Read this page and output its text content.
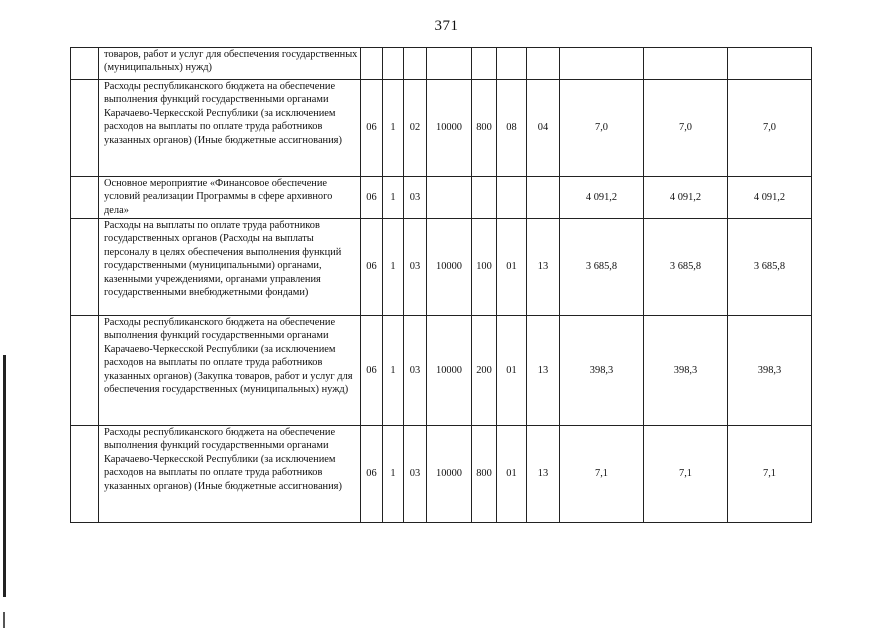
371
	товаров, работ и услуг для обеспечения государственных (муниципальных) нужд)										
	Расходы республиканского бюджета на обеспечение выполнения функций государственными органами Карачаево-Черкесской Республики (за исключением расходов на выплаты по оплате труда работников указанных органов) (Иные бюджетные ассигнования)	06	1	02	10000	800	08	04	7,0	7,0	7,0
	Основное мероприятие «Финансовое обеспечение условий реализации Программы в сфере архивного дела»	06	1	03					4 091,2	4 091,2	4 091,2
	Расходы на выплаты по оплате труда работников государственных органов (Расходы на выплаты персоналу в целях обеспечения выполнения функций государственными (муниципальными) органами, казенными учреждениями, органами управления государственными внебюджетными фондами)	06	1	03	10000	100	01	13	3 685,8	3 685,8	3 685,8
	Расходы республиканского бюджета на обеспечение выполнения функций государственными органами Карачаево-Черкесской Республики (за исключением расходов на выплаты по оплате труда работников указанных органов) (Закупка товаров, работ и услуг для обеспечения государственных (муниципальных) нужд)	06	1	03	10000	200	01	13	398,3	398,3	398,3
	Расходы республиканского бюджета на обеспечение выполнения функций государственными органами Карачаево-Черкесской Республики (за исключением расходов на выплаты по оплате труда работников указанных органов) (Иные бюджетные ассигнования)	06	1	03	10000	800	01	13	7,1	7,1	7,1
